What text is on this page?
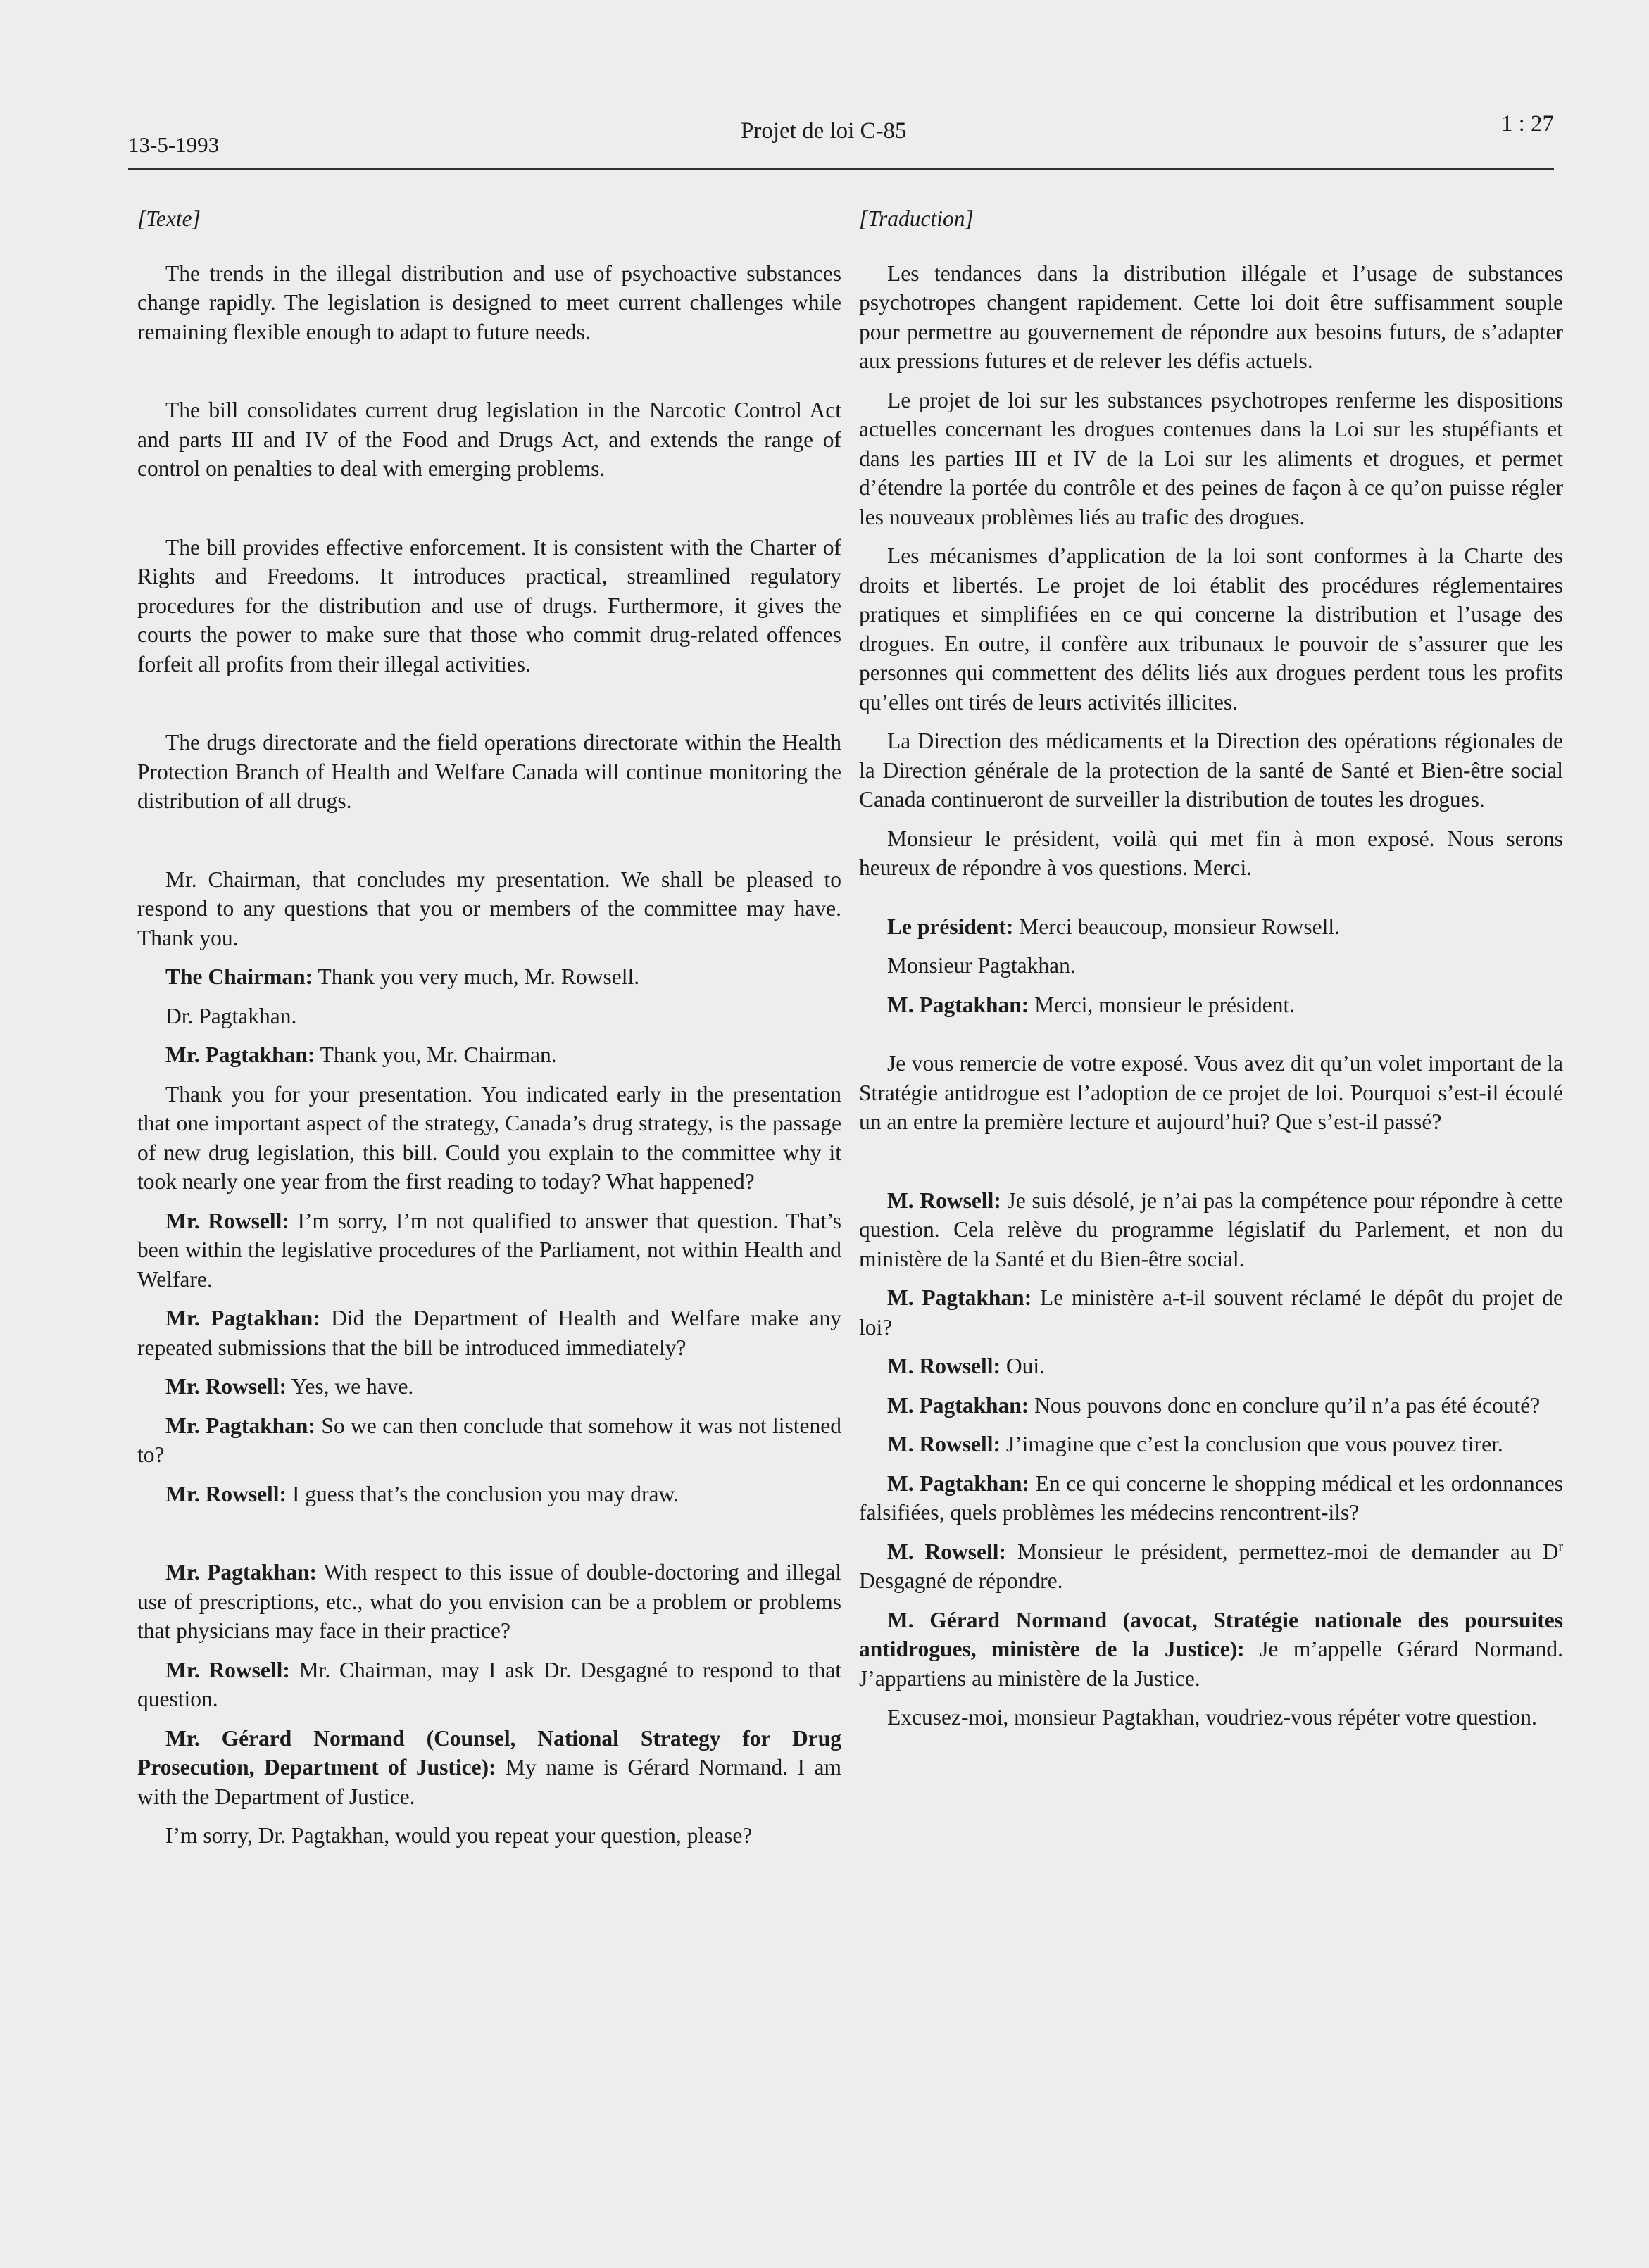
13-5-1993
Projet de loi C-85	1 : 27

[Texte]

The trends in the illegal distribution and use of psychoactive substances change rapidly. The legislation is designed to meet current challenges while remaining flexible enough to adapt to future needs.

The bill consolidates current drug legislation in the Narcotic Control Act and parts III and IV of the Food and Drugs Act, and extends the range of control on penalties to deal with emerging problems.

The bill provides effective enforcement. It is consistent with the Charter of Rights and Freedoms. It introduces practical, streamlined regulatory procedures for the distribution and use of drugs. Furthermore, it gives the courts the power to make sure that those who commit drug-related offences forfeit all profits from their illegal activities.

The drugs directorate and the field operations directorate within the Health Protection Branch of Health and Welfare Canada will continue monitoring the distribution of all drugs.

Mr. Chairman, that concludes my presentation. We shall be pleased to respond to any questions that you or members of the committee may have. Thank you.

The Chairman: Thank you very much, Mr. Rowsell.

Dr. Pagtakhan.

Mr. Pagtakhan: Thank you, Mr. Chairman.

Thank you for your presentation. You indicated early in the presentation that one important aspect of the strategy, Canada’s drug strategy, is the passage of new drug legislation, this bill. Could you explain to the committee why it took nearly one year from the first reading to today? What happened?

Mr. Rowsell: I’m sorry, I’m not qualified to answer that question. That’s been within the legislative procedures of the Parliament, not within Health and Welfare.

Mr. Pagtakhan: Did the Department of Health and Welfare make any repeated submissions that the bill be introduced immediately?

Mr. Rowsell: Yes, we have.

Mr. Pagtakhan: So we can then conclude that somehow it was not listened to?

Mr. Rowsell: I guess that’s the conclusion you may draw.

Mr. Pagtakhan: With respect to this issue of double-doctoring and illegal use of prescriptions, etc., what do you envision can be a problem or problems that physicians may face in their practice?

Mr. Rowsell: Mr. Chairman, may I ask Dr. Desgagné to respond to that question.

Mr. Gérard Normand (Counsel, National Strategy for Drug Prosecution, Department of Justice): My name is Gérard Normand. I am with the Department of Justice.

I’m sorry, Dr. Pagtakhan, would you repeat your question, please?

[Traduction]

Les tendances dans la distribution illégale et l’usage de substances psychotropes changent rapidement. Cette loi doit être suffisamment souple pour permettre au gouvernement de répondre aux besoins futurs, de s’adapter aux pressions futures et de relever les défis actuels.

Le projet de loi sur les substances psychotropes renferme les dispositions actuelles concernant les drogues contenues dans la Loi sur les stupéfiants et dans les parties III et IV de la Loi sur les aliments et drogues, et permet d’étendre la portée du contrôle et des peines de façon à ce qu’on puisse régler les nouveaux problèmes liés au trafic des drogues.

Les mécanismes d’application de la loi sont conformes à la Charte des droits et libertés. Le projet de loi établit des procédures réglementaires pratiques et simplifiées en ce qui concerne la distribution et l’usage des drogues. En outre, il confère aux tribunaux le pouvoir de s’assurer que les personnes qui commettent des délits liés aux drogues perdent tous les profits qu’elles ont tirés de leurs activités illicites.

La Direction des médicaments et la Direction des opérations régionales de la Direction générale de la protection de la santé de Santé et Bien-être social Canada continueront de surveiller la distribution de toutes les drogues.

Monsieur le président, voilà qui met fin à mon exposé. Nous serons heureux de répondre à vos questions. Merci.

Le président: Merci beaucoup, monsieur Rowsell.

Monsieur Pagtakhan.

M. Pagtakhan: Merci, monsieur le président.

Je vous remercie de votre exposé. Vous avez dit qu’un volet important de la Stratégie antidrogue est l’adoption de ce projet de loi. Pourquoi s’est-il écoulé un an entre la première lecture et aujourd’hui? Que s’est-il passé?

M. Rowsell: Je suis désolé, je n’ai pas la compétence pour répondre à cette question. Cela relève du programme législatif du Parlement, et non du ministère de la Santé et du Bien-être social.

M. Pagtakhan: Le ministère a-t-il souvent réclamé le dépôt du projet de loi?

M. Rowsell: Oui.

M. Pagtakhan: Nous pouvons donc en conclure qu’il n’a pas été écouté?

M. Rowsell: J’imagine que c’est la conclusion que vous pouvez tirer.

M. Pagtakhan: En ce qui concerne le shopping médical et les ordonnances falsifiées, quels problèmes les médecins rencontrent-ils?

M. Rowsell: Monsieur le président, permettez-moi de demander au $D^r$ Desgagné de répondre.

M. Gérard Normand (avocat, Stratégie nationale des poursuites antidrogues, ministère de la Justice): Je m’appelle Gérard Normand. J’appartiens au ministère de la Justice.

Excusez-moi, monsieur Pagtakhan, voudriez-vous répéter votre question.
